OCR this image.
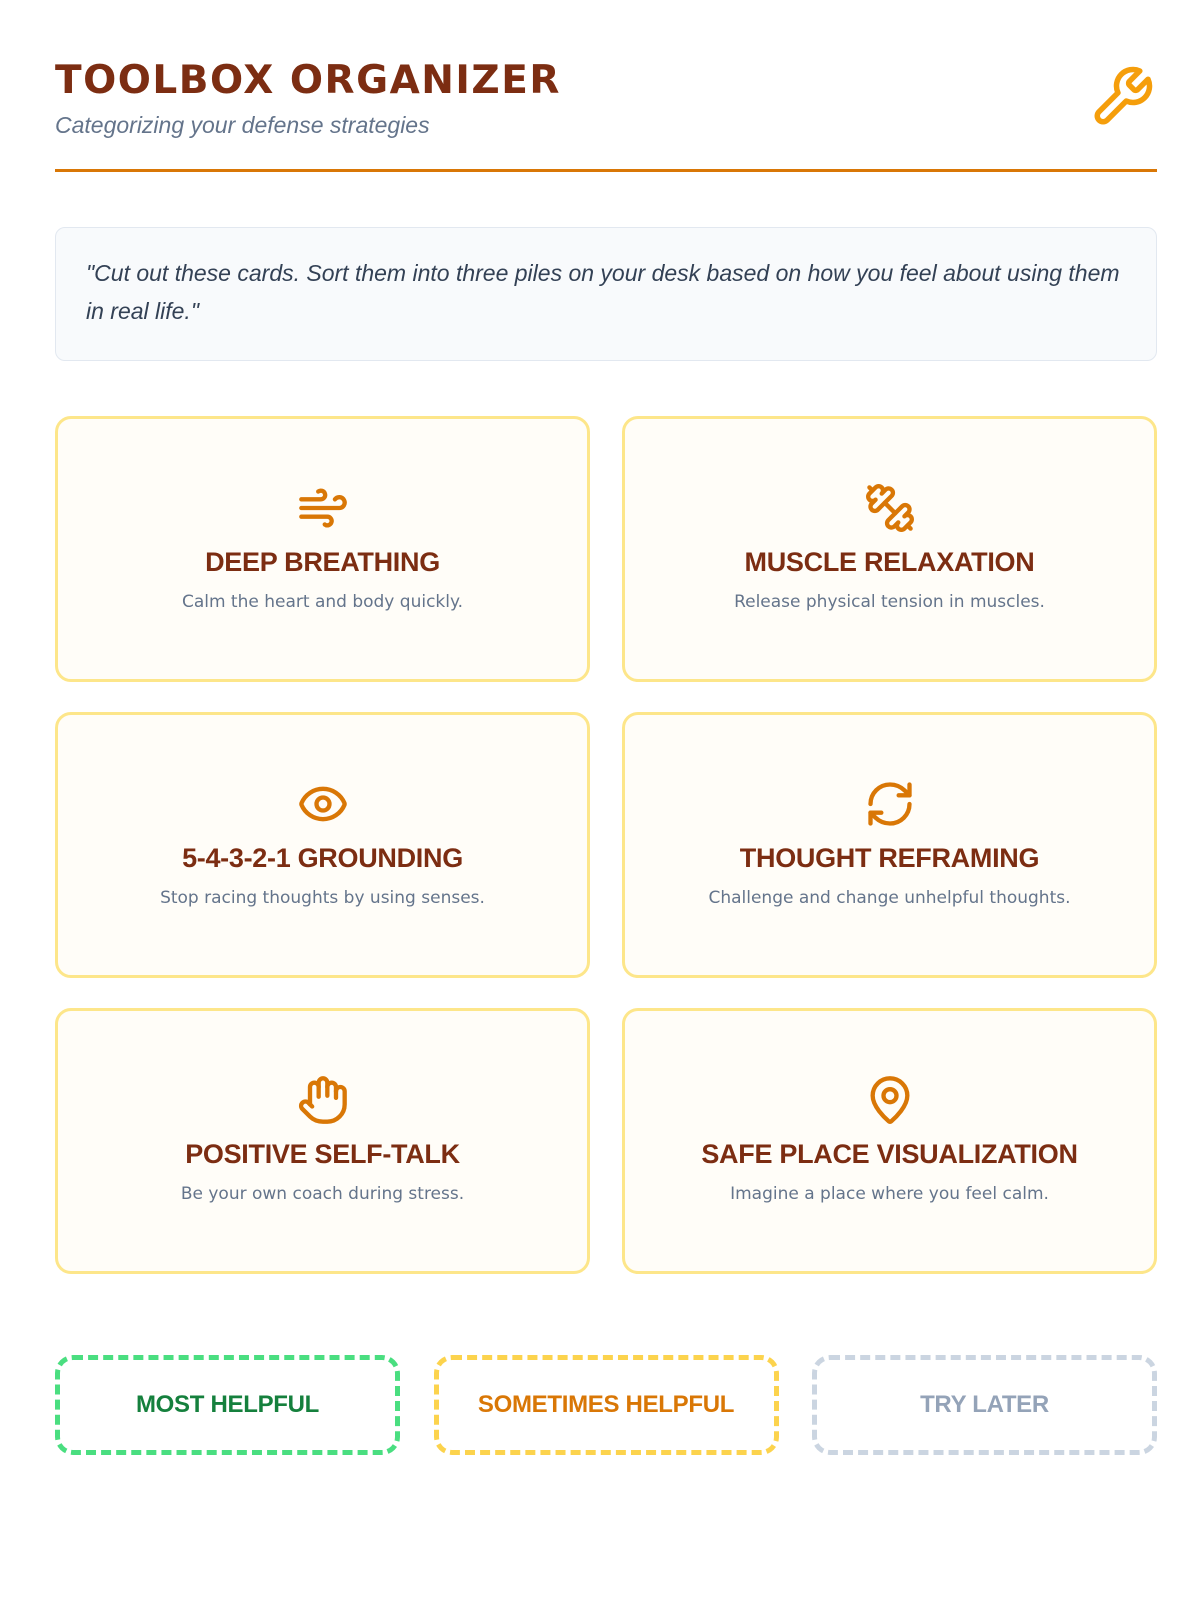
TOOLBOX ORGANIZER
Categorizing your defense strategies
"Cut out these cards. Sort them into three piles on your desk based on how you feel about using them in real life."
DEEP BREATHING
Calm the heart and body quickly.
MUSCLE RELAXATION
Release physical tension in muscles.
5-4-3-2-1 GROUNDING
Stop racing thoughts by using senses.
THOUGHT REFRAMING
Challenge and change unhelpful thoughts.
POSITIVE SELF-TALK
Be your own coach during stress.
SAFE PLACE VISUALIZATION
Imagine a place where you feel calm.
MOST HELPFUL	SOMETIMES HELPFUL	TRY LATER
